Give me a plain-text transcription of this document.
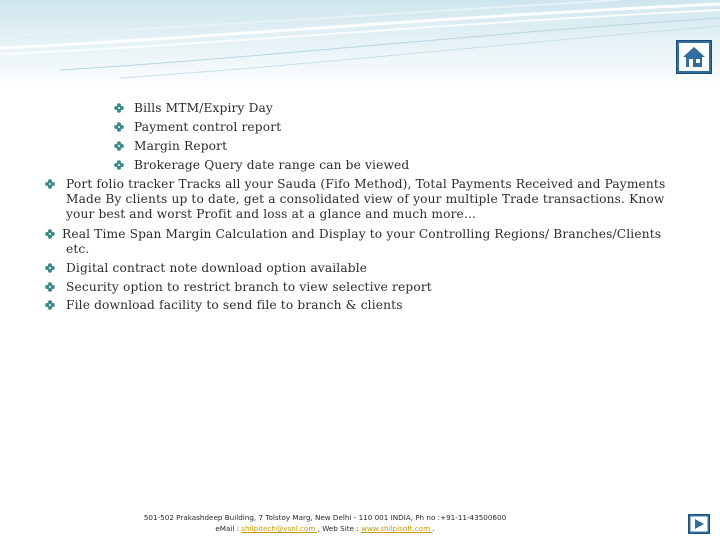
Bills MTM/Expiry Day
Payment control report
Margin Report
Brokerage Query date range can be viewed
Port folio tracker Tracks all your Sauda (Fifo Method), Total Payments Received and Payments
Made By clients up to date, get a consolidated view of your multiple Trade transactions. Know
your best and worst Profit and loss at a glance and much more…
Real Time Span Margin Calculation and Display to your Controlling Regions/ Branches/Clients
etc.
Digital contract note download option available
Security option to restrict branch to view selective report
File download facility to send file to branch & clients
501-502 Prakashdeep Building, 7 Tolstoy Marg, New Delhi - 110 001 INDIA, Ph no :+91-11-43500600
eMail : shilpitech@vsnl.com , Web Site : www.shilpisoft.com .
